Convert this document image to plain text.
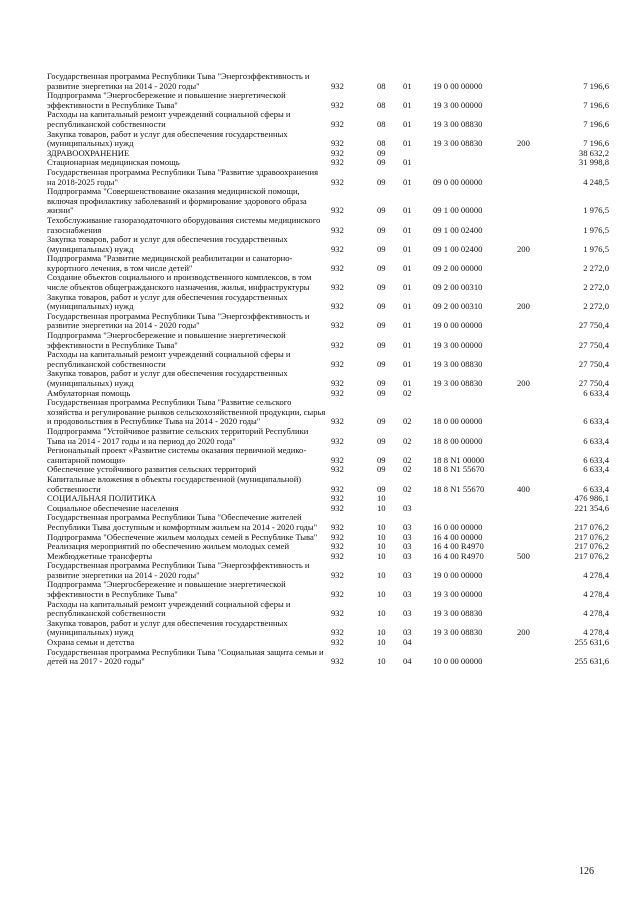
Государственная программа Республики Тыва "Энергоэффективность и развитие энергетики на 2014 - 2020 годы"	932	08	01	19 0 00 00000		7 196,6
Подпрограмма "Энергосбережение и повышение энергетической эффективности в Республике Тыва"	932	08	01	19 3 00 00000		7 196,6
Расходы на капитальный ремонт учреждений социальной сферы и республиканской собственности	932	08	01	19 3 00 08830		7 196,6
Закупка товаров, работ и услуг для обеспечения государственных (муниципальных) нужд	932	08	01	19 3 00 08830	200	7 196,6
ЗДРАВООХРАНЕНИЕ	932	09				38 632,2
Стационарная медицинская помощь	932	09	01			31 998,8
Государственная программа Республики Тыва "Развитие здравоохранения на 2018-2025 годы"	932	09	01	09 0 00 00000		4 248,5
Подпрограмма "Совершенствование оказания медицинской помощи, включая профилактику заболеваний и формирование здорового образа жизни"	932	09	01	09 1 00 00000		1 976,5
Техобслуживание газоразодаточного оборудования системы медицинского газоснабжения	932	09	01	09 1 00 02400		1 976,5
Закупка товаров, работ и услуг для обеспечения государственных (муниципальных) нужд	932	09	01	09 1 00 02400	200	1 976,5
Подпрограмма "Развитие медицинской реабилитации и санаторно-курортного лечения, в том числе детей"	932	09	01	09 2 00 00000		2 272,0
Создание объектов социального и производственного комплексов, в том числе объектов общегражданского назначения, жилья, инфраструктуры	932	09	01	09 2 00 00310		2 272,0
Закупка товаров, работ и услуг для обеспечения государственных (муниципальных) нужд	932	09	01	09 2 00 00310	200	2 272,0
Государственная программа Республики Тыва "Энергоэффективность и развитие энергетики на 2014 - 2020 годы"	932	09	01	19 0 00 00000		27 750,4
Подпрограмма "Энергосбережение и повышение энергетической эффективности в Республике Тыва"	932	09	01	19 3 00 00000		27 750,4
Расходы на капитальный ремонт учреждений социальной сферы и республиканской собственности	932	09	01	19 3 00 08830		27 750,4
Закупка товаров, работ и услуг для обеспечения государственных (муниципальных) нужд	932	09	01	19 3 00 08830	200	27 750,4
Амбулаторная помощь	932	09	02			6 633,4
Государственная программа Республики Тыва "Развитие сельского хозяйства и регулирование рынков сельскохозяйственной продукции, сырья и продовольствия в Республике Тыва на 2014 - 2020 годы"	932	09	02	18 0 00 00000		6 633,4
Подпрограмма "Устойчивое развитие сельских территорий Республики Тыва на 2014 - 2017 годы и на период до 2020 года"	932	09	02	18 8 00 00000		6 633,4
Региональный проект «Развитие системы оказания первичной медико-санитарной помощи»	932	09	02	18 8 N1 00000		6 633,4
Обеспечение устойчивого развития сельских территорий	932	09	02	18 8 N1 55670		6 633,4
Капитальные вложения в объекты государственной (муниципальной) собственности	932	09	02	18 8 N1 55670	400	6 633,4
СОЦИАЛЬНАЯ ПОЛИТИКА	932	10				476 986,1
Социальное обеспечение населения	932	10	03			221 354,6
Государственная программа Республики Тыва "Обеспечение жителей Республики Тыва доступным и комфортным жильем на 2014 - 2020 годы"	932	10	03	16 0 00 00000		217 076,2
Подпрограмма "Обеспечение жильем молодых семей в Республике Тыва"	932	10	03	16 4 00 00000		217 076,2
Реализация мероприятий по обеспечению жильем молодых семей	932	10	03	16 4 00 R4970		217 076,2
Межбюджетные трансферты	932	10	03	16 4 00 R4970	500	217 076,2
Государственная программа Республики Тыва "Энергоэффективность и развитие энергетики на 2014 - 2020 годы"	932	10	03	19 0 00 00000		4 278,4
Подпрограмма "Энергосбережение и повышение энергетической эффективности в Республике Тыва"	932	10	03	19 3 00 00000		4 278,4
Расходы на капитальный ремонт учреждений социальной сферы и республиканской собственности	932	10	03	19 3 00 08830		4 278,4
Закупка товаров, работ и услуг для обеспечения государственных (муниципальных) нужд	932	10	03	19 3 00 08830	200	4 278,4
Охрана семьи и детства	932	10	04			255 631,6
Государственная программа Республики Тыва "Социальная защита семьи и детей на 2017 - 2020 годы"	932	10	04	10 0 00 00000		255 631,6
126
